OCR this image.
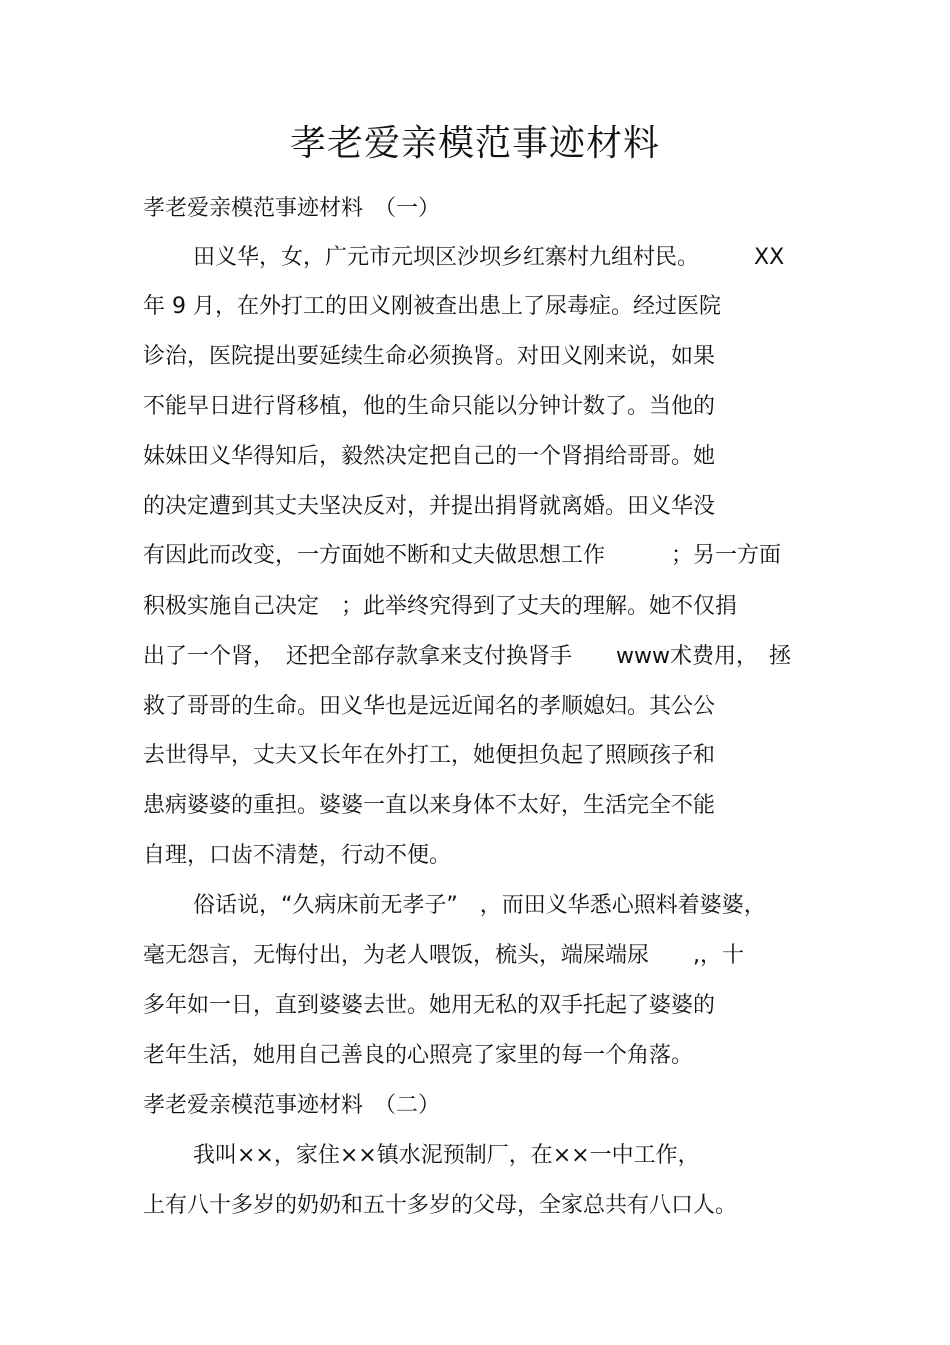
孝老爱亲模范事迹材料
孝老爱亲模范事迹材料　（一）
田义华，女，广元市元坝区沙坝乡红寨村九组村民。　　　XX
年 9 月，在外打工的田义刚被查出患上了尿毒症。经过医院
诊治，医院提出要延续生命必须换肾。对田义刚来说，如果
不能早日进行肾移植，他的生命只能以分钟计数了。当他的
妹妹田义华得知后，毅然决定把自己的一个肾捐给哥哥。她
的决定遭到其丈夫坚决反对，并提出捐肾就离婚。田义华没
有因此而改变，一方面她不断和丈夫做思想工作　　　；另一方面
积极实施自己决定　；此举终究得到了丈夫的理解。她不仅捐
出了一个肾，　还把全部存款拿来支付换肾手　　www术费用，　拯
救了哥哥的生命。田义华也是远近闻名的孝顺媳妇。其公公
去世得早，丈夫又长年在外打工，她便担负起了照顾孩子和
患病婆婆的重担。婆婆一直以来身体不太好，生活完全不能
自理，口齿不清楚，行动不便。
俗话说，“久病床前无孝子”　，而田义华悉心照料着婆婆，
毫无怨言，无悔付出，为老人喂饭，梳头，端屎端尿　　,，十
多年如一日，直到婆婆去世。她用无私的双手托起了婆婆的
老年生活，她用自己善良的心照亮了家里的每一个角落。
孝老爱亲模范事迹材料　（二）
我叫××，家住××镇水泥预制厂，在××一中工作，
上有八十多岁的奶奶和五十多岁的父母，全家总共有八口人。
